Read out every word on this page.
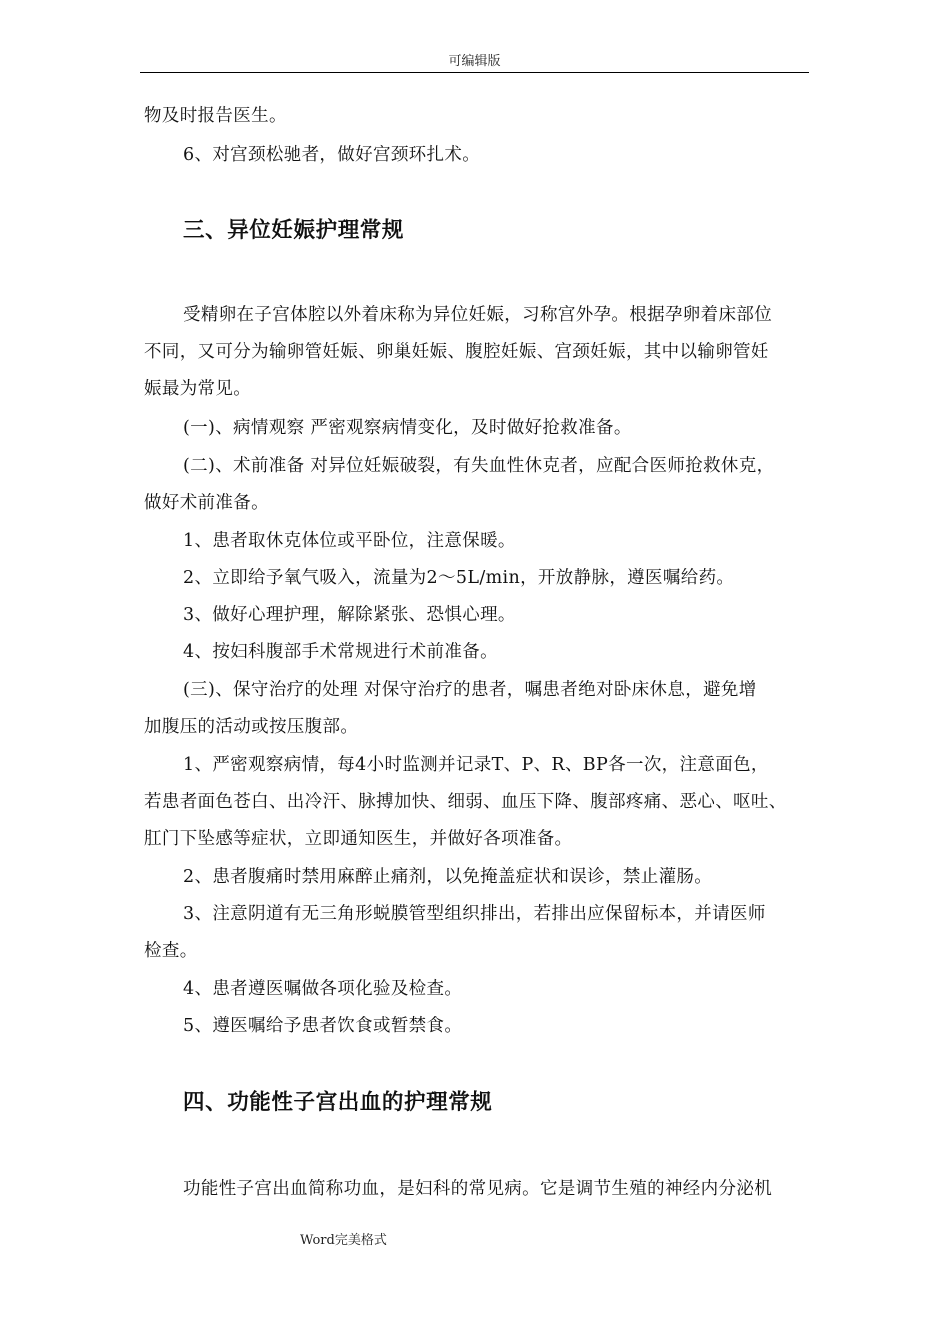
可编辑版
物及时报告医生。
6、对宫颈松驰者，做好宫颈环扎术。
三、异位妊娠护理常规
受精卵在子宫体腔以外着床称为异位妊娠，习称宫外孕。根据孕卵着床部位
不同，又可分为输卵管妊娠、卵巢妊娠、腹腔妊娠、宫颈妊娠，其中以输卵管妊
娠最为常见。
(一)、病情观察 严密观察病情变化，及时做好抢救准备。
(二)、术前准备 对异位妊娠破裂，有失血性休克者，应配合医师抢救休克，
做好术前准备。
1、患者取休克体位或平卧位，注意保暖。
2、立即给予氧气吸入，流量为2～5L/min，开放静脉，遵医嘱给药。
3、做好心理护理，解除紧张、恐惧心理。
4、按妇科腹部手术常规进行术前准备。
(三)、保守治疗的处理 对保守治疗的患者，嘱患者绝对卧床休息，避免增
加腹压的活动或按压腹部。
1、严密观察病情，每4小时监测并记录T、P、R、BP各一次，注意面色，
若患者面色苍白、出冷汗、脉搏加快、细弱、血压下降、腹部疼痛、恶心、呕吐、
肛门下坠感等症状，立即通知医生，并做好各项准备。
2、患者腹痛时禁用麻醉止痛剂，以免掩盖症状和误诊，禁止灌肠。
3、注意阴道有无三角形蜕膜管型组织排出，若排出应保留标本，并请医师
检查。
4、患者遵医嘱做各项化验及检查。
5、遵医嘱给予患者饮食或暂禁食。
四、功能性子宫出血的护理常规
功能性子宫出血简称功血，是妇科的常见病。它是调节生殖的神经内分泌机
Word完美格式
